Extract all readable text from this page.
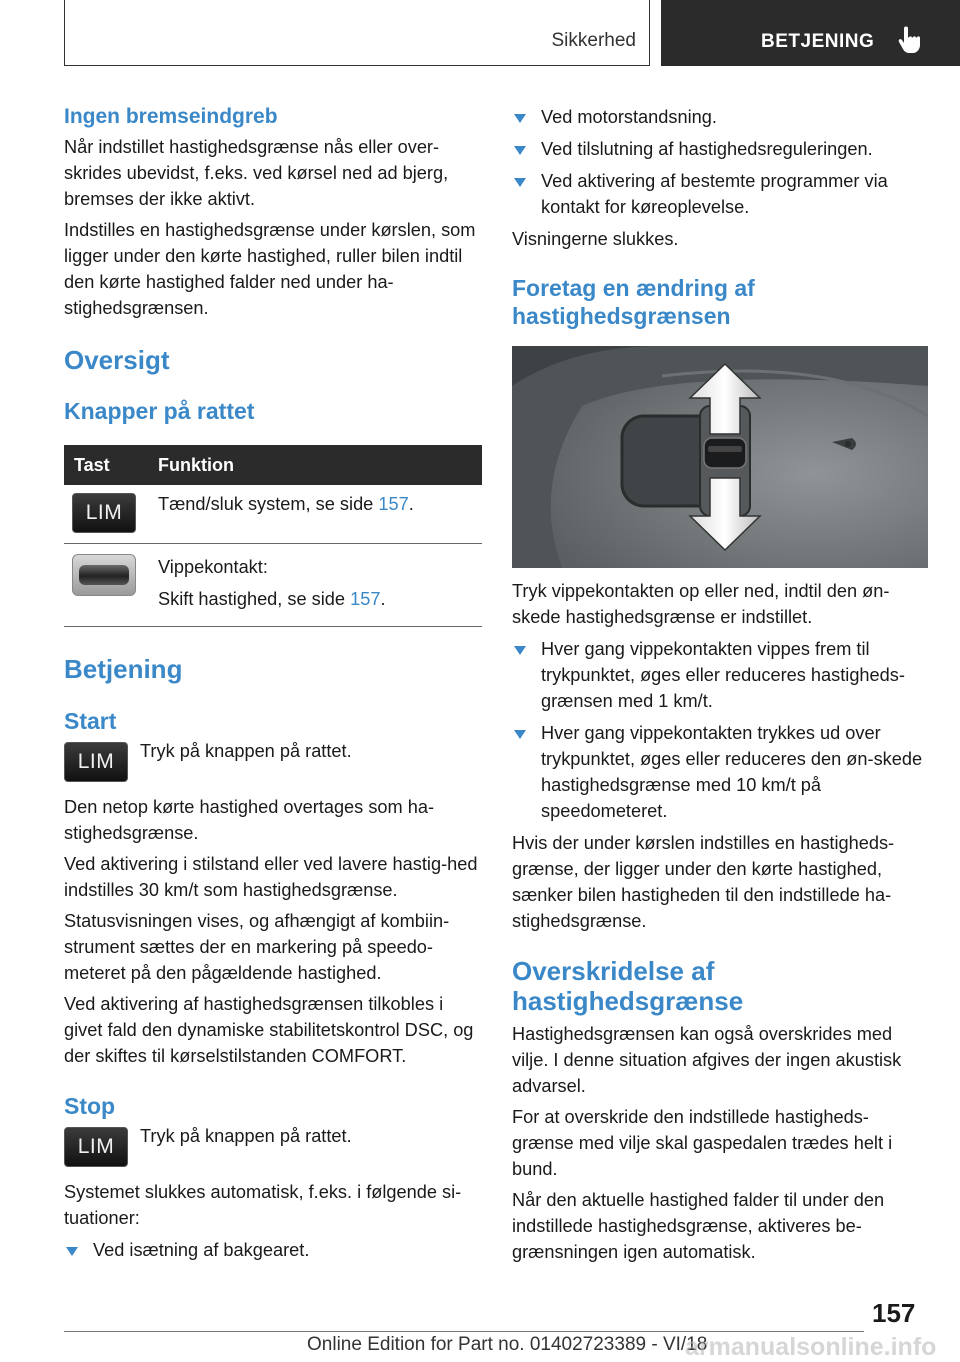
Sikkerhed	BETJENING
Ingen bremseindgreb

Når indstillet hastighedsgrænse nås eller over-skrides ubevidst, f.eks. ved kørsel ned ad bjerg, bremses der ikke aktivt.

Indstilles en hastighedsgrænse under kørslen, som ligger under den kørte hastighed, ruller bilen indtil den kørte hastighed falder ned under ha-stighedsgrænsen.

Oversigt
Knapper på rattet
Tast	Funktion

LIM	Tænd/sluk system, se side 157.

	Vippekontakt:
Skift hastighed, se side 157.
Betjening
Start
LIM Tryk på knappen på rattet.

Den netop kørte hastighed overtages som ha-stighedsgrænse.

Ved aktivering i stilstand eller ved lavere hastig-hed indstilles 30 km/t som hastighedsgrænse.

Statusvisningen vises, og afhængigt af kombiin-strument sættes der en markering på speedo-meteret på den pågældende hastighed.

Ved aktivering af hastighedsgrænsen tilkobles i givet fald den dynamiske stabilitetskontrol DSC, og der skiftes til kørselstilstanden COMFORT.

Stop
LIM Tryk på knappen på rattet.

Systemet slukkes automatisk, f.eks. i følgende si-tuationer:

Ved isætning af bakgearet.
Ved motorstandsning.
Ved tilslutning af hastighedsreguleringen.
Ved aktivering af bestemte programmer via kontakt for køreoplevelse.

Visningerne slukkes.

Foretag en ændring af hastighedsgrænsen

Tryk vippekontakten op eller ned, indtil den øn-skede hastighedsgrænse er indstillet.

Hver gang vippekontakten vippes frem til trykpunktet, øges eller reduceres hastigheds-grænsen med 1 km/t.
Hver gang vippekontakten trykkes ud over trykpunktet, øges eller reduceres den øn-skede hastighedsgrænse med 10 km/t på speedometeret.

Hvis der under kørslen indstilles en hastigheds-grænse, der ligger under den kørte hastighed, sænker bilen hastigheden til den indstillede ha-stighedsgrænse.

Overskridelse af hastighedsgrænse

Hastighedsgrænsen kan også overskrides med vilje. I denne situation afgives der ingen akustisk advarsel.

For at overskride den indstillede hastigheds-grænse med vilje skal gaspedalen trædes helt i bund.

Når den aktuelle hastighed falder til under den indstillede hastighedsgrænse, aktiveres be-grænsningen igen automatisk.

157
Online Edition for Part no. 01402723389 - VI/18
armanualsonline.info
